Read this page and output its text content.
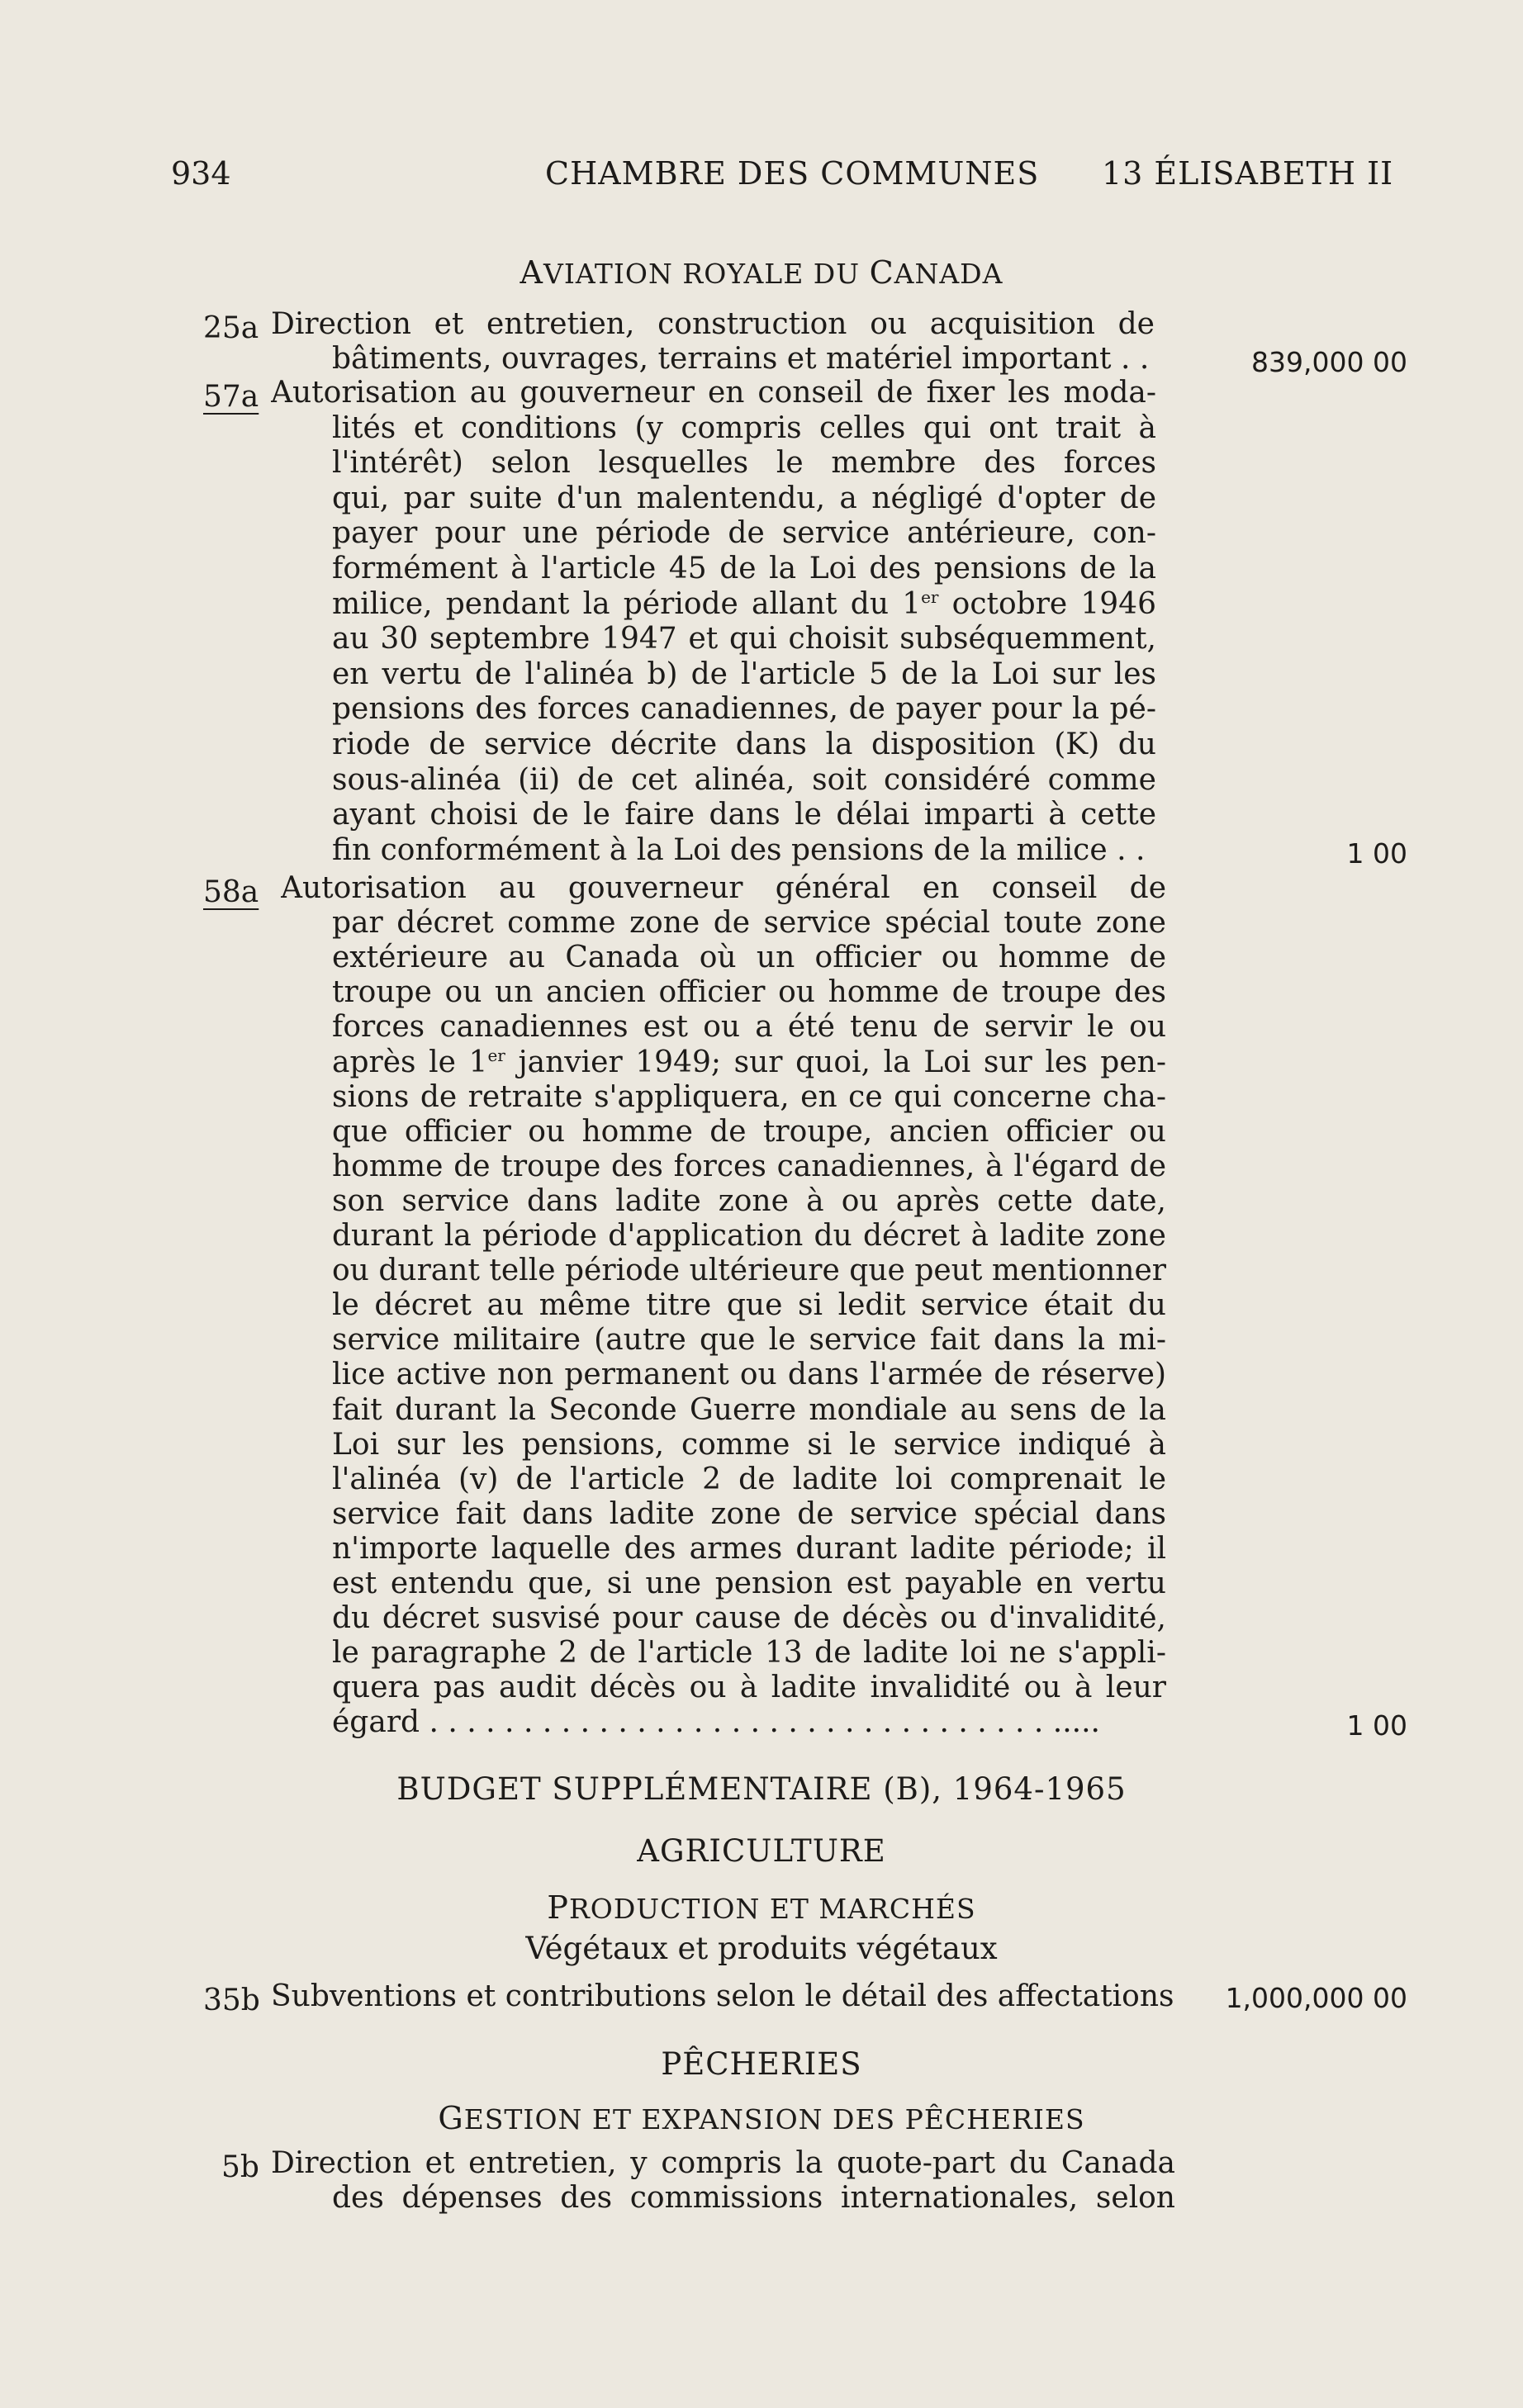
934	CHAMBRE DES COMMUNES 13 ÉLISABETH II
AVIATION ROYALE DU CANADA
25a Direction et entretien, construction ou acquisition de
bâtiments, ouvrages, terrains et matériel important . .	839,000 00
57a Autorisation au gouverneur en conseil de fixer les moda-
lités et conditions (y compris celles qui ont trait à
l'intérêt) selon lesquelles le membre des forces
qui, par suite d'un malentendu, a négligé d'opter de
payer pour une période de service antérieure, con-
formément à l'article 45 de la Loi des pensions de la
milice, pendant la période allant du 1er octobre 1946
au 30 septembre 1947 et qui choisit subséquemment,
en vertu de l'alinéa b) de l'article 5 de la Loi sur les
pensions des forces canadiennes, de payer pour la pé-
riode de service décrite dans la disposition (K) du
sous-alinéa (ii) de cet alinéa, soit considéré comme
ayant choisi de le faire dans le délai imparti à cette
fin conformément à la Loi des pensions de la milice . .	1 00
58a Autorisation au gouverneur général en conseil de
par décret comme zone de service spécial toute zone
extérieure au Canada où un officier ou homme de
troupe ou un ancien officier ou homme de troupe des
forces canadiennes est ou a été tenu de servir le ou
après le 1er janvier 1949; sur quoi, la Loi sur les pen-
sions de retraite s'appliquera, en ce qui concerne cha-
que officier ou homme de troupe, ancien officier ou
homme de troupe des forces canadiennes, à l'égard de
son service dans ladite zone à ou après cette date,
durant la période d'application du décret à ladite zone
ou durant telle période ultérieure que peut mentionner
le décret au même titre que si ledit service était du
service militaire (autre que le service fait dans la mi-
lice active non permanent ou dans l'armée de réserve)
fait durant la Seconde Guerre mondiale au sens de la
Loi sur les pensions, comme si le service indiqué à
l'alinéa (v) de l'article 2 de ladite loi comprenait le
service fait dans ladite zone de service spécial dans
n'importe laquelle des armes durant ladite période; il
est entendu que, si une pension est payable en vertu
du décret susvisé pour cause de décès ou d'invalidité,
le paragraphe 2 de l'article 13 de ladite loi ne s'appli-
quera pas audit décès ou à ladite invalidité ou à leur
égard . . . . . . . . . . . . . . . . . . . . . . . . . . . . . . . . . .....	1 00
BUDGET SUPPLÉMENTAIRE (B), 1964-1965
AGRICULTURE
PRODUCTION ET MARCHÉS
Végétaux et produits végétaux
35b Subventions et contributions selon le détail des affectations 1,000,000 00
PÊCHERIES
GESTION ET EXPANSION DES PÊCHERIES
5b Direction et entretien, y compris la quote-part du Canada
des dépenses des commissions internationales, selon
